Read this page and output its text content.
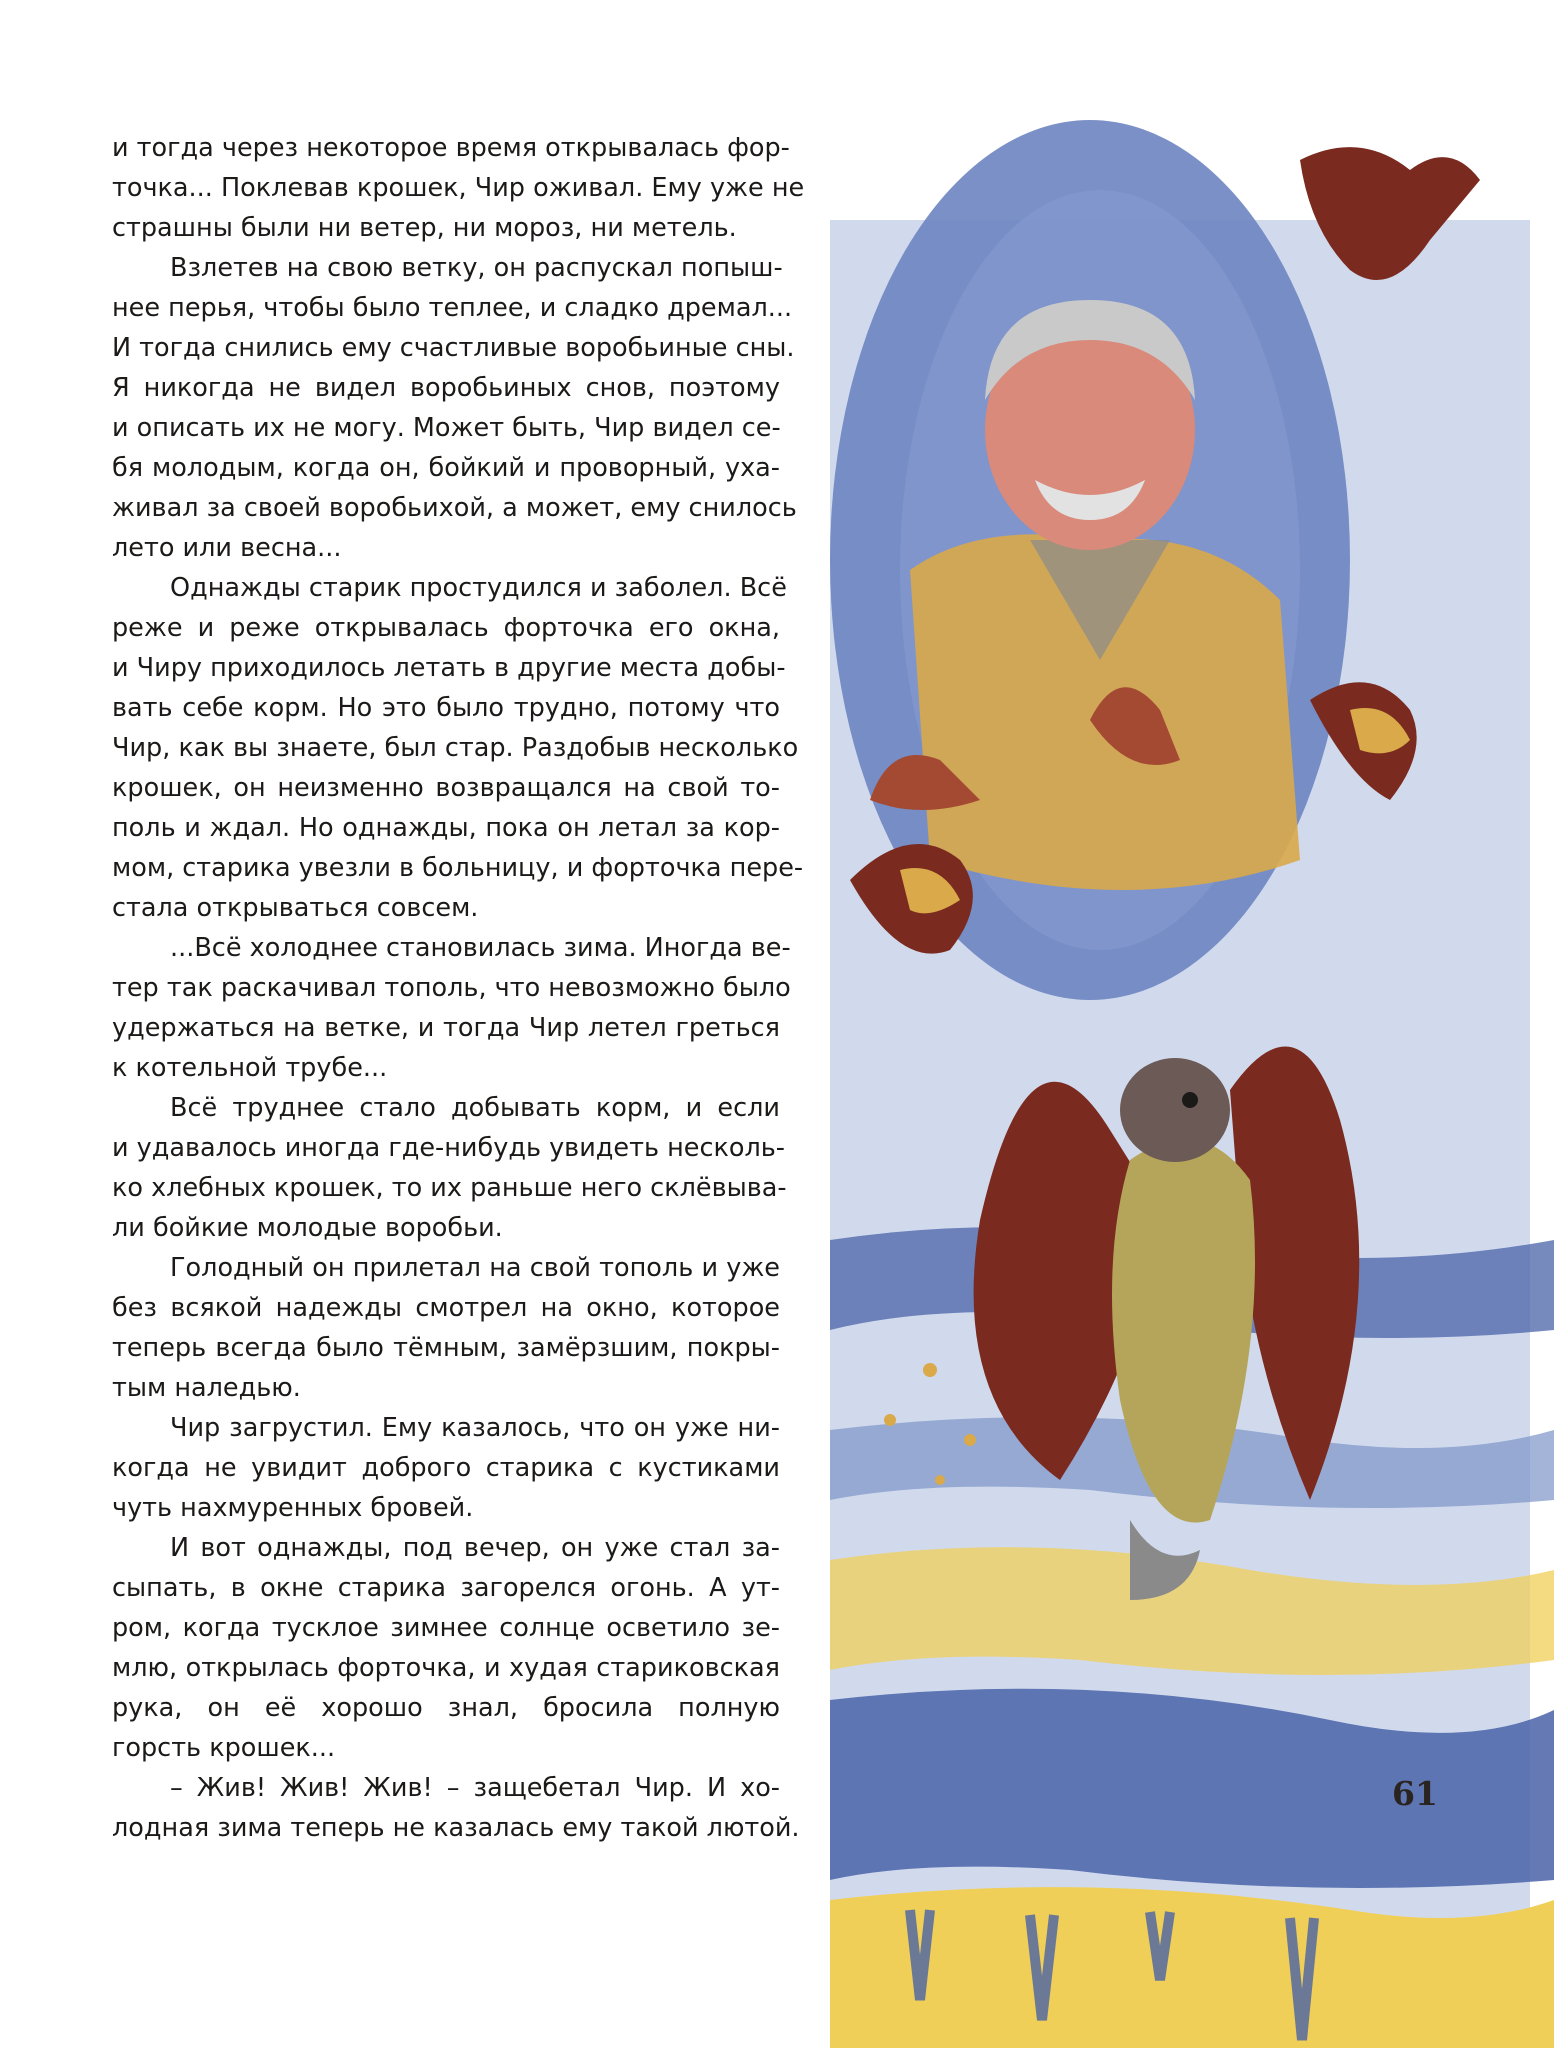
и тогда через некоторое время открывалась фор-
точка... Поклевав крошек, Чир оживал. Ему уже не
страшны были ни ветер, ни мороз, ни метель.
Взлетев на свою ветку, он распускал попыш-
нее перья, чтобы было теплее, и сладко дремал...
И тогда снились ему счастливые воробьиные сны.
Я никогда не видел воробьиных снов, поэтому
и описать их не могу. Может быть, Чир видел се-
бя молодым, когда он, бойкий и проворный, уха-
живал за своей воробьихой, а может, ему снилось
лето или весна...
Однажды старик простудился и заболел. Всё
реже и реже открывалась форточка его окна,
и Чиру приходилось летать в другие места добы-
вать себе корм. Но это было трудно, потому что
Чир, как вы знаете, был стар. Раздобыв несколько
крошек, он неизменно возвращался на свой то-
поль и ждал. Но однажды, пока он летал за кор-
мом, старика увезли в больницу, и форточка пере-
стала открываться совсем.
...Всё холоднее становилась зима. Иногда ве-
тер так раскачивал тополь, что невозможно было
удержаться на ветке, и тогда Чир летел греться
к котельной трубе...
Всё труднее стало добывать корм, и если
и удавалось иногда где-нибудь увидеть несколь-
ко хлебных крошек, то их раньше него склёвыва-
ли бойкие молодые воробьи.
Голодный он прилетал на свой тополь и уже
без всякой надежды смотрел на окно, которое
теперь всегда было тёмным, замёрзшим, покры-
тым наледью.
Чир загрустил. Ему казалось, что он уже ни-
когда не увидит доброго старика с кустиками
чуть нахмуренных бровей.
И вот однажды, под вечер, он уже стал за-
сыпать, в окне старика загорелся огонь. А ут-
ром, когда тусклое зимнее солнце осветило зе-
млю, открылась форточка, и худая стариковская
рука, он её хорошо знал, бросила полную
горсть крошек...
– Жив! Жив! Жив! – защебетал Чир. И хо-
лодная зима теперь не казалась ему такой лютой.
61
